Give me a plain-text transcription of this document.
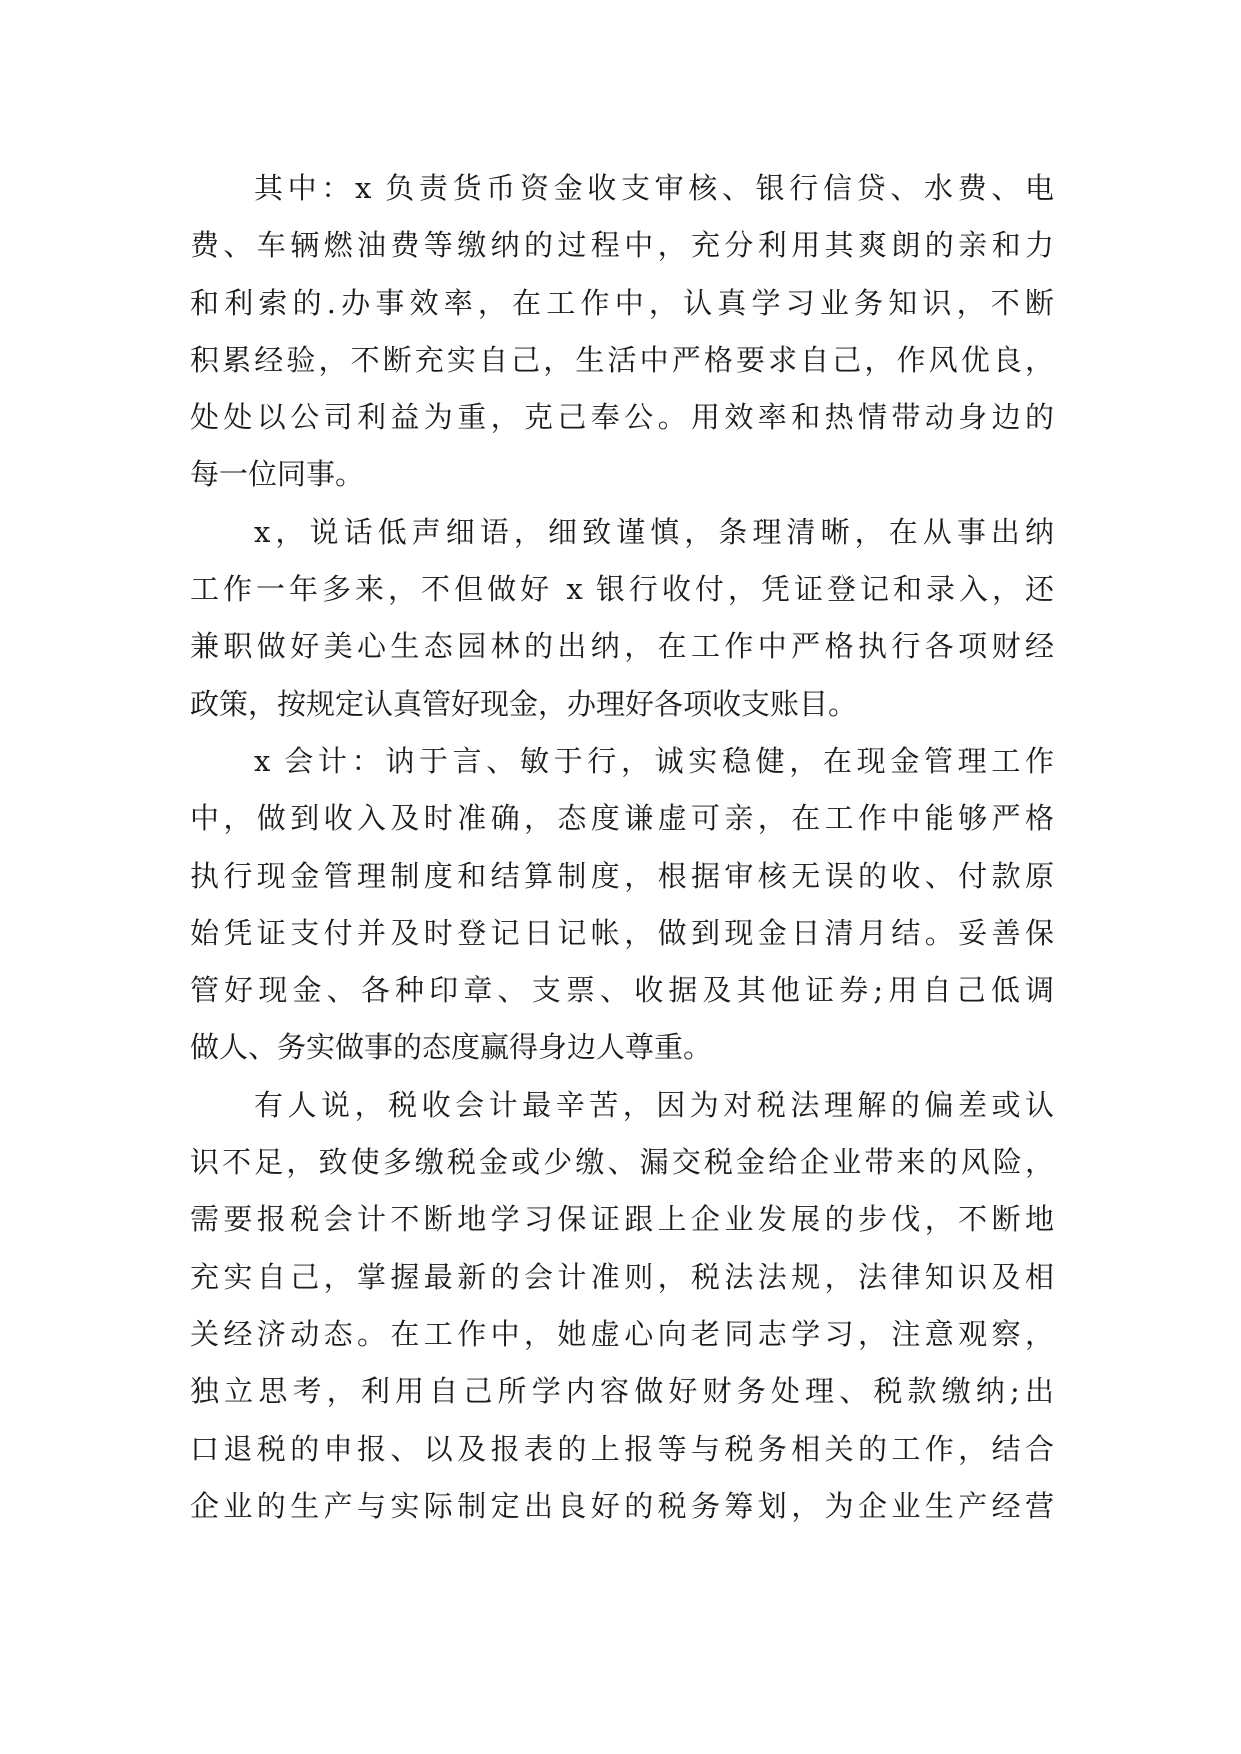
其中：x 负责货币资金收支审核、银行信贷、水费、电
费、车辆燃油费等缴纳的过程中，充分利用其爽朗的亲和力
和利索的.办事效率，在工作中，认真学习业务知识，不断
积累经验，不断充实自己，生活中严格要求自己，作风优良，
处处以公司利益为重，克己奉公。用效率和热情带动身边的
每一位同事。
x，说话低声细语，细致谨慎，条理清晰，在从事出纳
工作一年多来，不但做好 x 银行收付，凭证登记和录入，还
兼职做好美心生态园林的出纳，在工作中严格执行各项财经
政策，按规定认真管好现金，办理好各项收支账目。
x 会计：讷于言、敏于行，诚实稳健，在现金管理工作
中，做到收入及时准确，态度谦虚可亲，在工作中能够严格
执行现金管理制度和结算制度，根据审核无误的收、付款原
始凭证支付并及时登记日记帐，做到现金日清月结。妥善保
管好现金、各种印章、支票、收据及其他证券;用自己低调
做人、务实做事的态度赢得身边人尊重。
有人说，税收会计最辛苦，因为对税法理解的偏差或认
识不足，致使多缴税金或少缴、漏交税金给企业带来的风险，
需要报税会计不断地学习保证跟上企业发展的步伐，不断地
充实自己，掌握最新的会计准则，税法法规，法律知识及相
关经济动态。在工作中，她虚心向老同志学习，注意观察，
独立思考，利用自己所学内容做好财务处理、税款缴纳;出
口退税的申报、以及报表的上报等与税务相关的工作，结合
企业的生产与实际制定出良好的税务筹划，为企业生产经营
